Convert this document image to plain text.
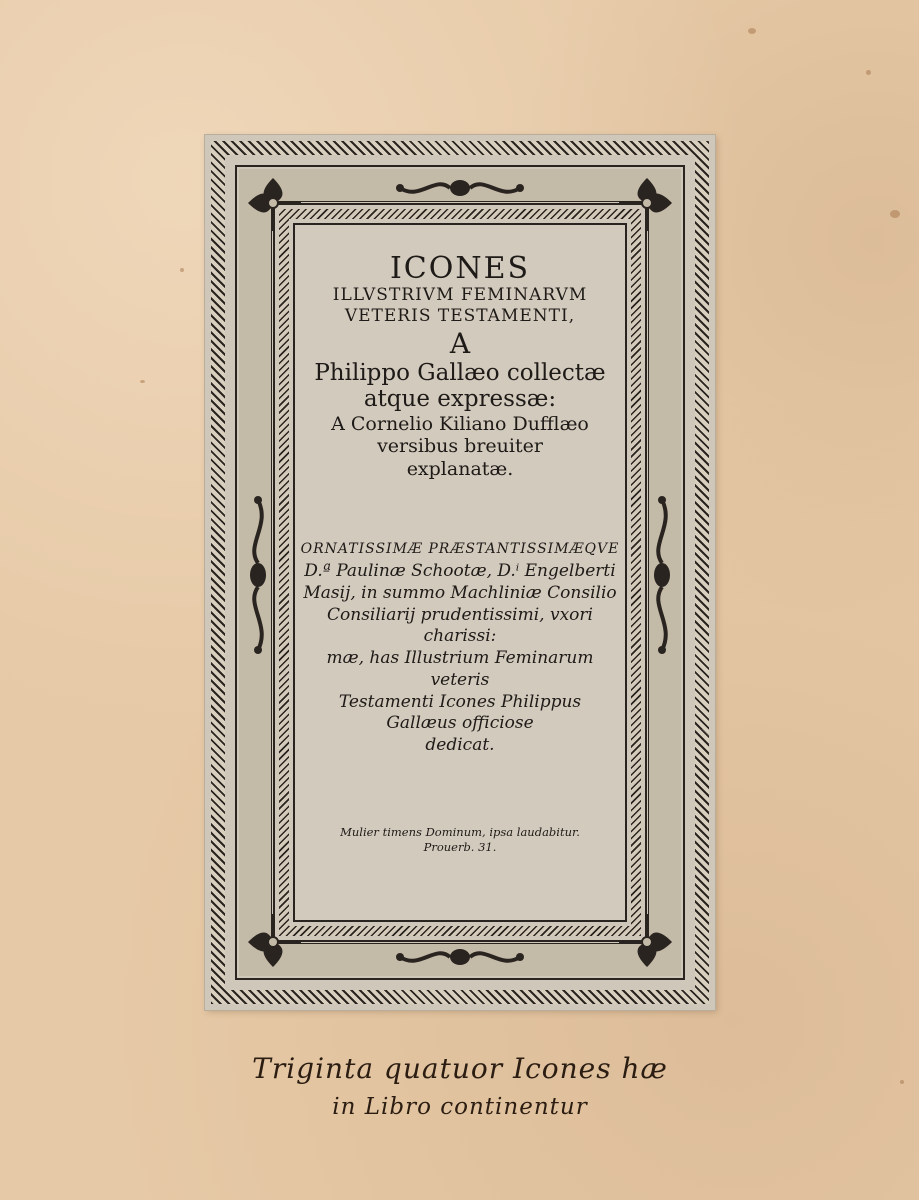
ICONES
ILLVSTRIVM FEMINARVM
VETERIS TESTAMENTI,
A
Philippo Gallæo collectæ
atque expressæ:
A Cornelio Kiliano Dufflæo
versibus breuiter
explanatæ.
ORNATISSIMÆ PRÆSTANTISSIMÆQVE
D.ª Paulinæ Schootæ, D.ⁱ Engelberti
Masij, in summo Machliniæ Consilio
Consiliarij prudentissimi, vxori charissi:
mæ, has Illustrium Feminarum veteris
Testamenti Icones Philippus
Gallæus officiose
dedicat.
Mulier timens Dominum, ipsa laudabitur.
Prouerb. 31.
Triginta quatuor Icones hæ
in Libro continentur
